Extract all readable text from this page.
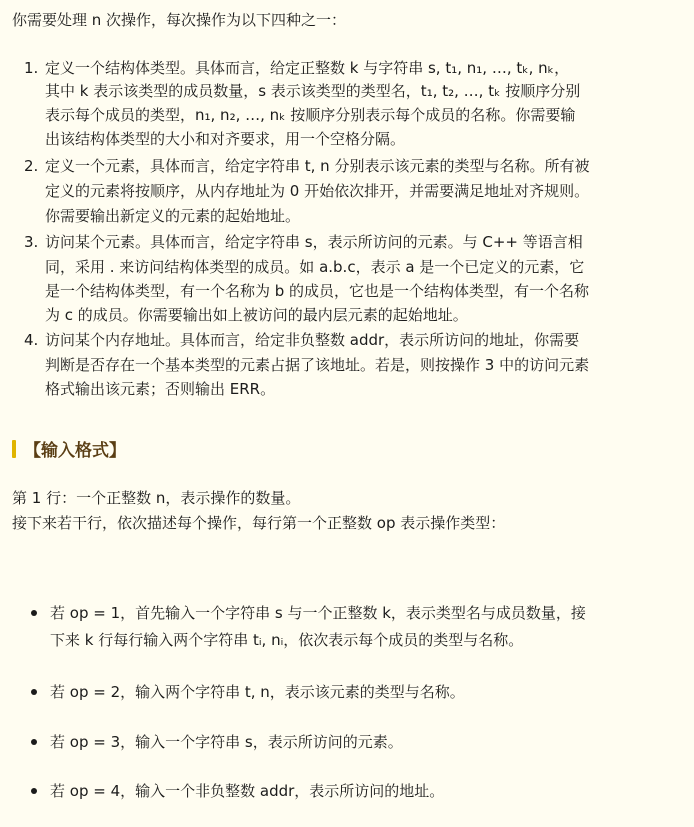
你需要处理 n 次操作，每次操作为以下四种之一：
1. 定义一个结构体类型。具体而言，给定正整数 k 与字符串 s, t₁, n₁, …, tₖ, nₖ，
其中 k 表示该类型的成员数量，s 表示该类型的类型名，t₁, t₂, …, tₖ 按顺序分别
表示每个成员的类型，n₁, n₂, …, nₖ 按顺序分别表示每个成员的名称。你需要输
出该结构体类型的大小和对齐要求，用一个空格分隔。
2. 定义一个元素，具体而言，给定字符串 t, n 分别表示该元素的类型与名称。所有被
定义的元素将按顺序，从内存地址为 0 开始依次排开，并需要满足地址对齐规则。
你需要输出新定义的元素的起始地址。
3. 访问某个元素。具体而言，给定字符串 s，表示所访问的元素。与 C++ 等语言相
同，采用 . 来访问结构体类型的成员。如 a.b.c，表示 a 是一个已定义的元素，它
是一个结构体类型，有一个名称为 b 的成员，它也是一个结构体类型，有一个名称
为 c 的成员。你需要输出如上被访问的最内层元素的起始地址。
4. 访问某个内存地址。具体而言，给定非负整数 addr，表示所访问的地址，你需要
判断是否存在一个基本类型的元素占据了该地址。若是，则按操作 3 中的访问元素
格式输出该元素；否则输出 ERR。
【输入格式】
第 1 行：一个正整数 n，表示操作的数量。
接下来若干行，依次描述每个操作，每行第一个正整数 op 表示操作类型：
若 op = 1，首先输入一个字符串 s 与一个正整数 k，表示类型名与成员数量，接
下来 k 行每行输入两个字符串 tᵢ, nᵢ，依次表示每个成员的类型与名称。
若 op = 2，输入两个字符串 t, n，表示该元素的类型与名称。
若 op = 3，输入一个字符串 s，表示所访问的元素。
若 op = 4，输入一个非负整数 addr，表示所访问的地址。
